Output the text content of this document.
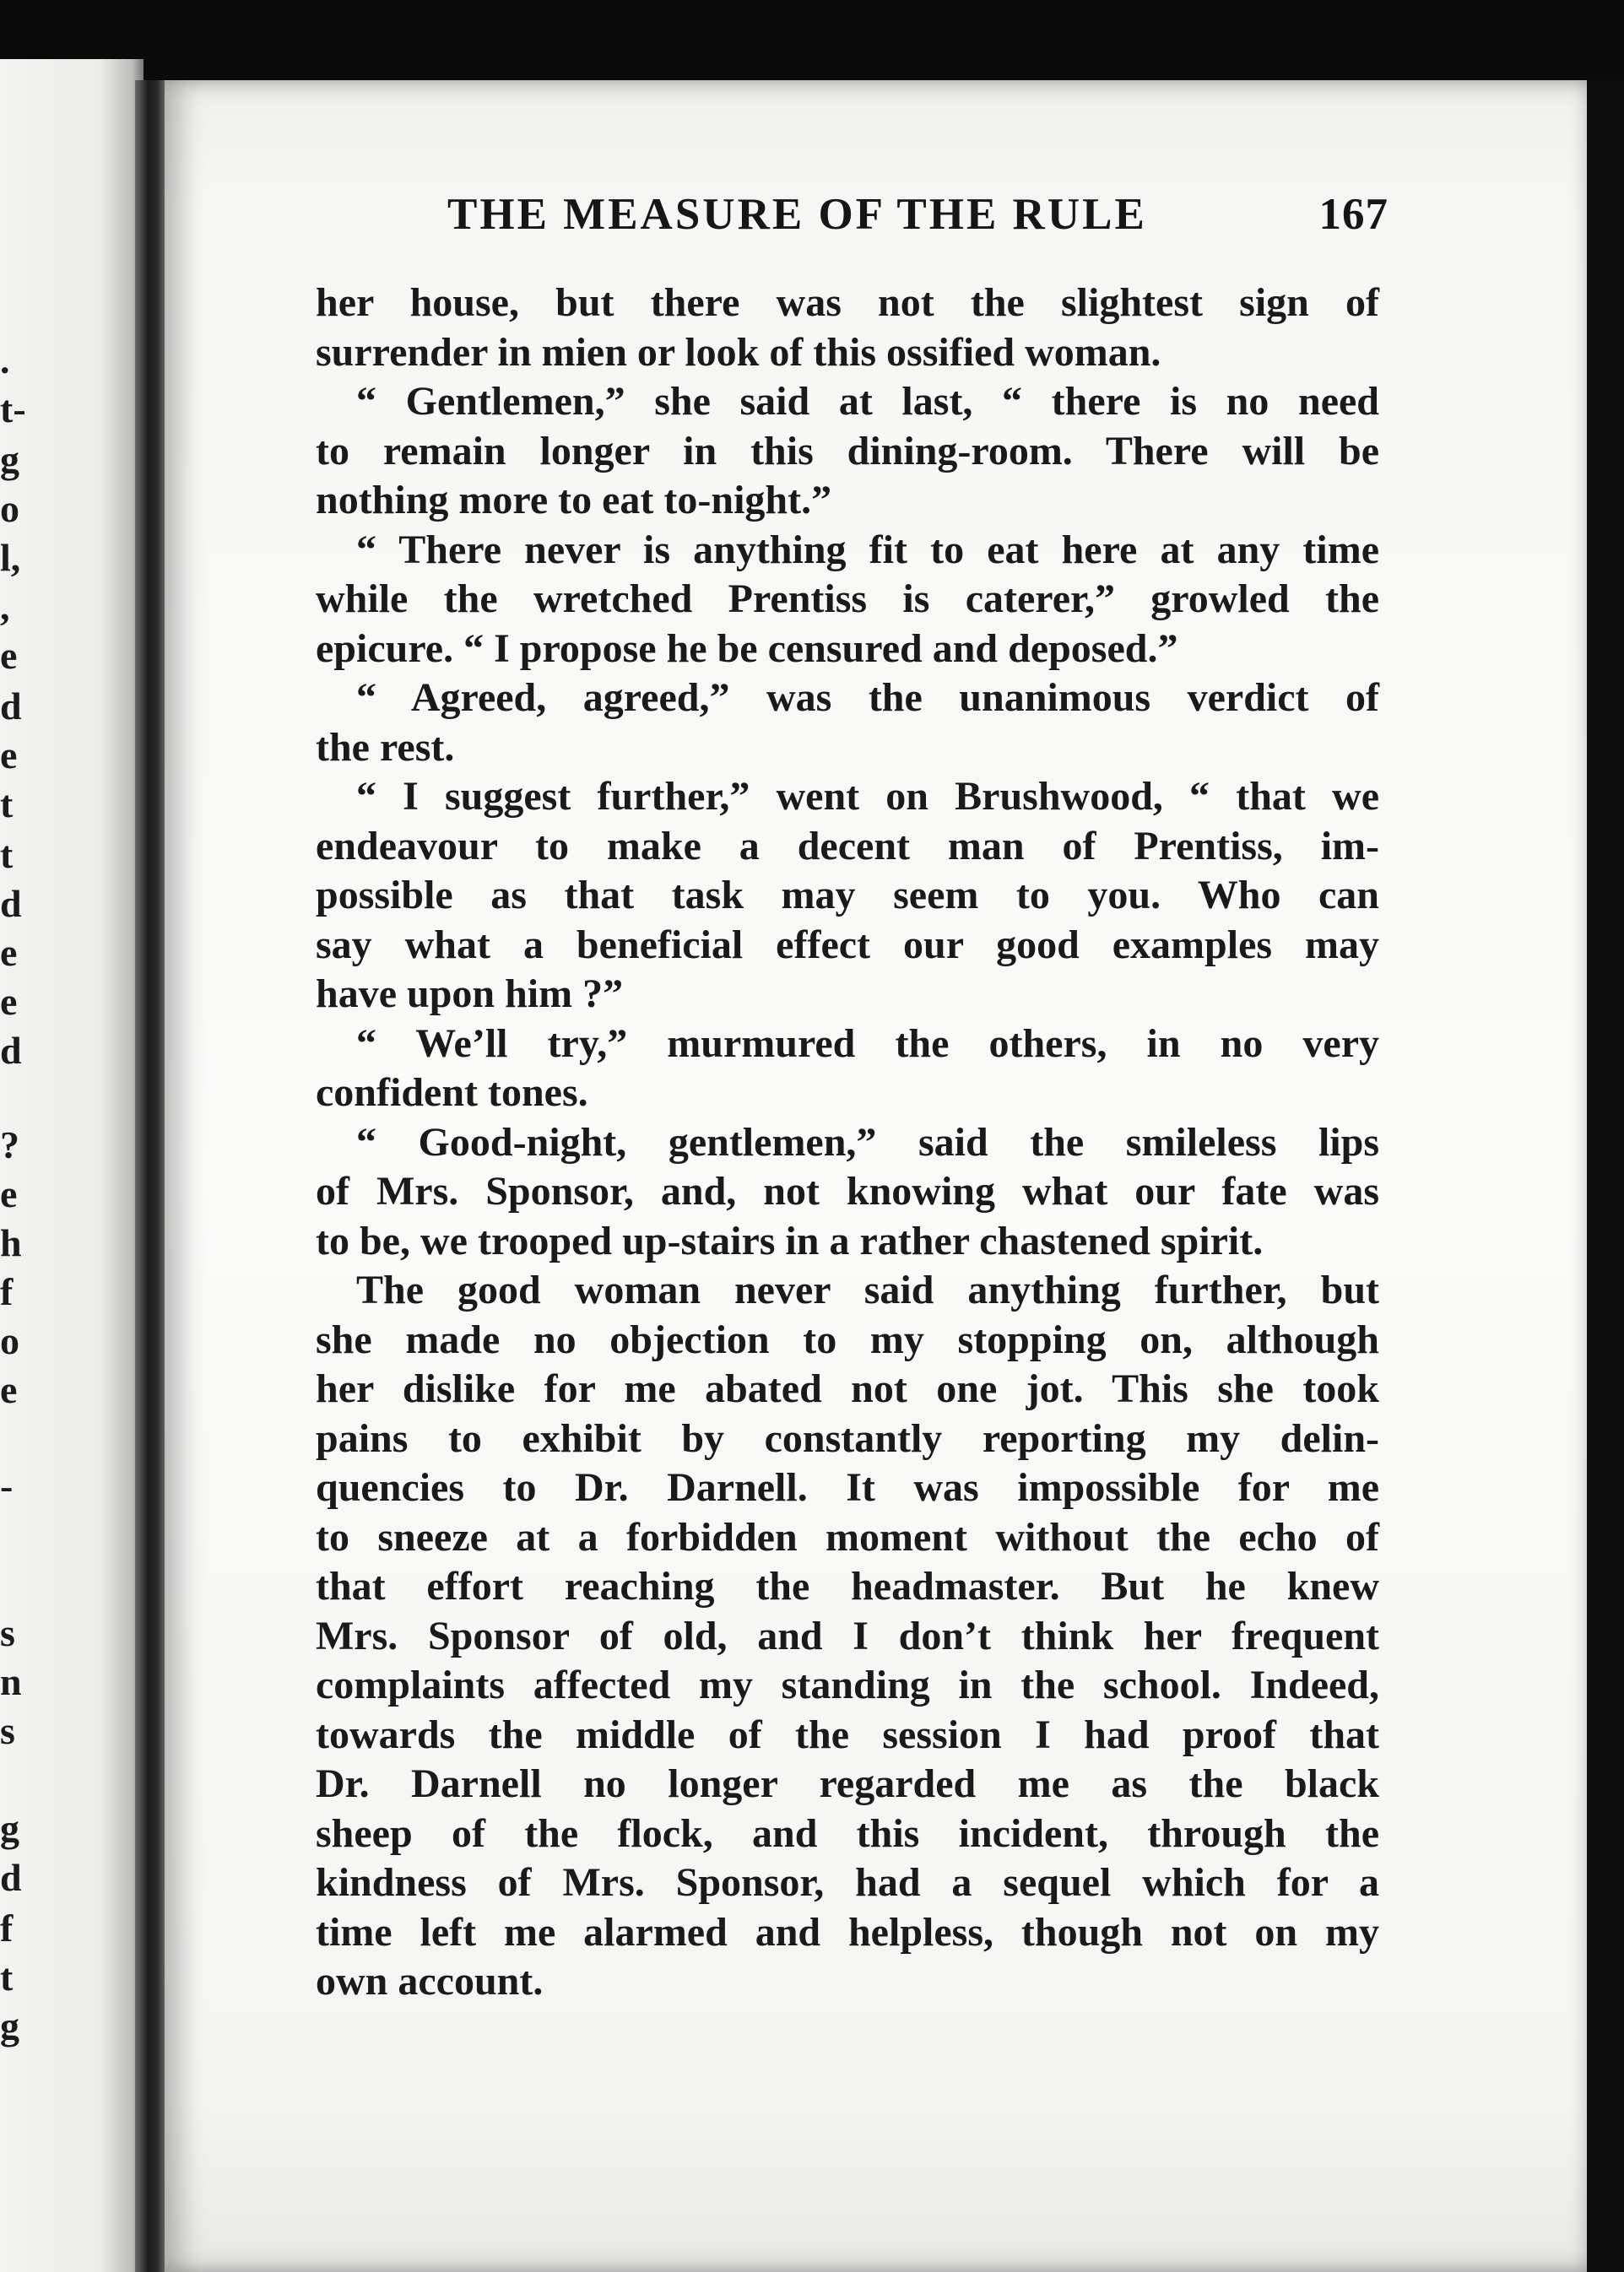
.
t-
g
o
l,
,
e
d
e
t
t
d
e
e
d
?
e
h
f
o
e
-
s
n
s
g
d
f
t
g
THE MEASURE OF THE RULE	167
her house, but there was not the slightest sign of
surrender in mien or look of this ossified woman.
“ Gentlemen,” she said at last, “ there is no need
to remain longer in this dining-room. There will be
nothing more to eat to-night.”
“ There never is anything fit to eat here at any time
while the wretched Prentiss is caterer,” growled the
epicure. “ I propose he be censured and deposed.”
“ Agreed, agreed,” was the unanimous verdict of
the rest.
“ I suggest further,” went on Brushwood, “ that we
endeavour to make a decent man of Prentiss, im-
possible as that task may seem to you. Who can
say what a beneficial effect our good examples may
have upon him ?”
“ We’ll try,” murmured the others, in no very
confident tones.
“ Good-night, gentlemen,” said the smileless lips
of Mrs. Sponsor, and, not knowing what our fate was
to be, we trooped up-stairs in a rather chastened spirit.
The good woman never said anything further, but
she made no objection to my stopping on, although
her dislike for me abated not one jot. This she took
pains to exhibit by constantly reporting my delin-
quencies to Dr. Darnell. It was impossible for me
to sneeze at a forbidden moment without the echo of
that effort reaching the headmaster. But he knew
Mrs. Sponsor of old, and I don’t think her frequent
complaints affected my standing in the school. Indeed,
towards the middle of the session I had proof that
Dr. Darnell no longer regarded me as the black
sheep of the flock, and this incident, through the
kindness of Mrs. Sponsor, had a sequel which for a
time left me alarmed and helpless, though not on my
own account.
